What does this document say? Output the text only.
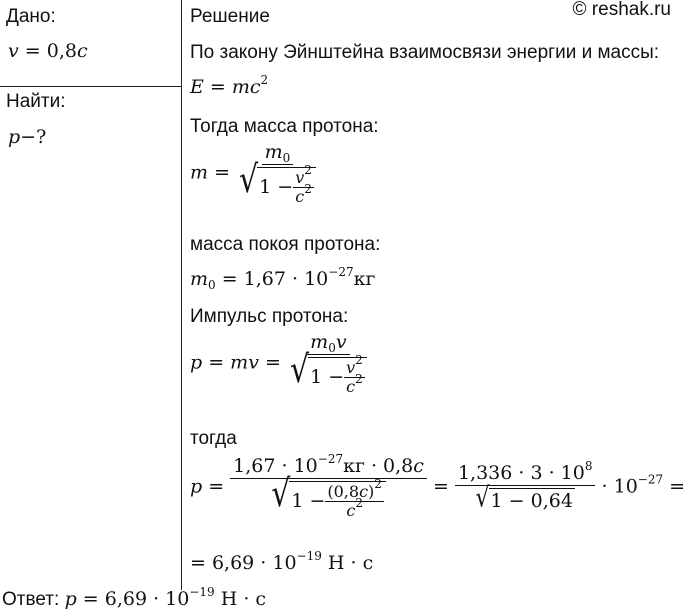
© reshak.ru
Дано:
v = 0,8c
Найти:
p−?
Решение
По закону Эйнштейна взаимосвязи энергии и массы:
$E = mc^2$
Тогда масса протона:
$m = \frac{m_0}{√ 1 - \frac{v^2}{c^2}}$
масса покоя протона:
$m_0 = 1,67 \cdot 10^{-27}кг$
Импульс протона:
p = mv = $\frac{m_0v}{√ 1 - \frac{v^2}{c^2}}$
тогда
$p = \frac{1,67 \cdot 10^{-27}кг \cdot 0,8c}{√ 1 - \frac{(0,8c)^2}{c^2}} = \frac{1,336 \cdot 3 \cdot 10^8}{√ 1 - 0,64} \cdot 10^{-27}$ =
= $6,69 \cdot 10^{-19}$ Н · с
Ответ: $p = 6,69 \cdot 10^{-19}$ Н · с
